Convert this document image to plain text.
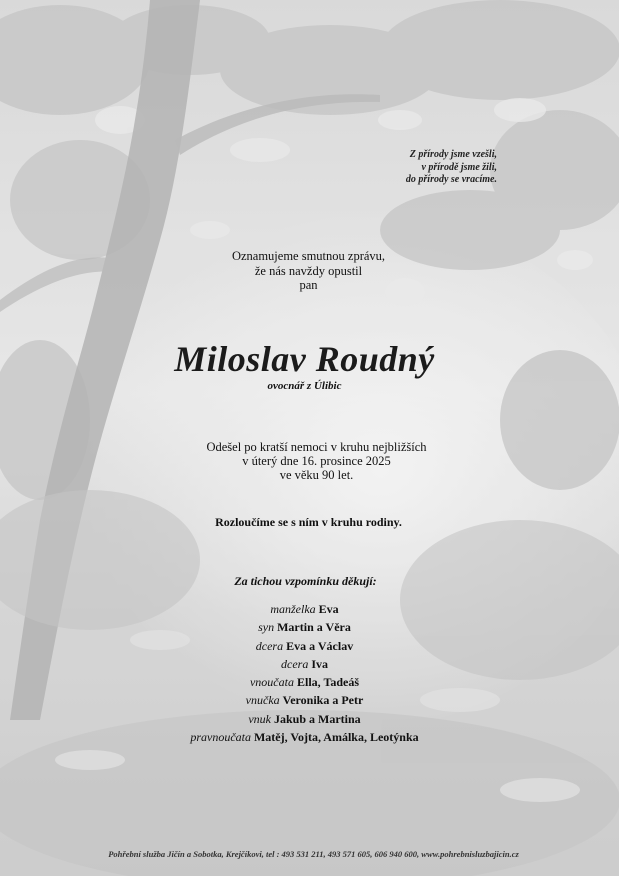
Z přírody jsme vzešli,
v přírodě jsme žili,
do přírody se vracíme.
Oznamujeme smutnou zprávu,
že nás navždy opustil
pan
Miloslav Roudný
ovocnář z Úlibic
Odešel po kratší nemoci v kruhu nejbližších
v úterý dne 16. prosince 2025
ve věku 90 let.
Rozloučíme se s ním v kruhu rodiny.
Za tichou vzpomínku děkují:
manželka Eva
syn Martin a Věra
dcera Eva a Václav
dcera Iva
vnoučata Ella, Tadeáš
vnučka Veronika a Petr
vnuk Jakub a Martina
pravnoučata Matěj, Vojta, Amálka, Leotýnka
Pohřební služba Jičín a Sobotka, Krejčíkovi, tel : 493 531 211, 493 571 605, 606 940 600, www.pohrebnisluzbajicin.cz
